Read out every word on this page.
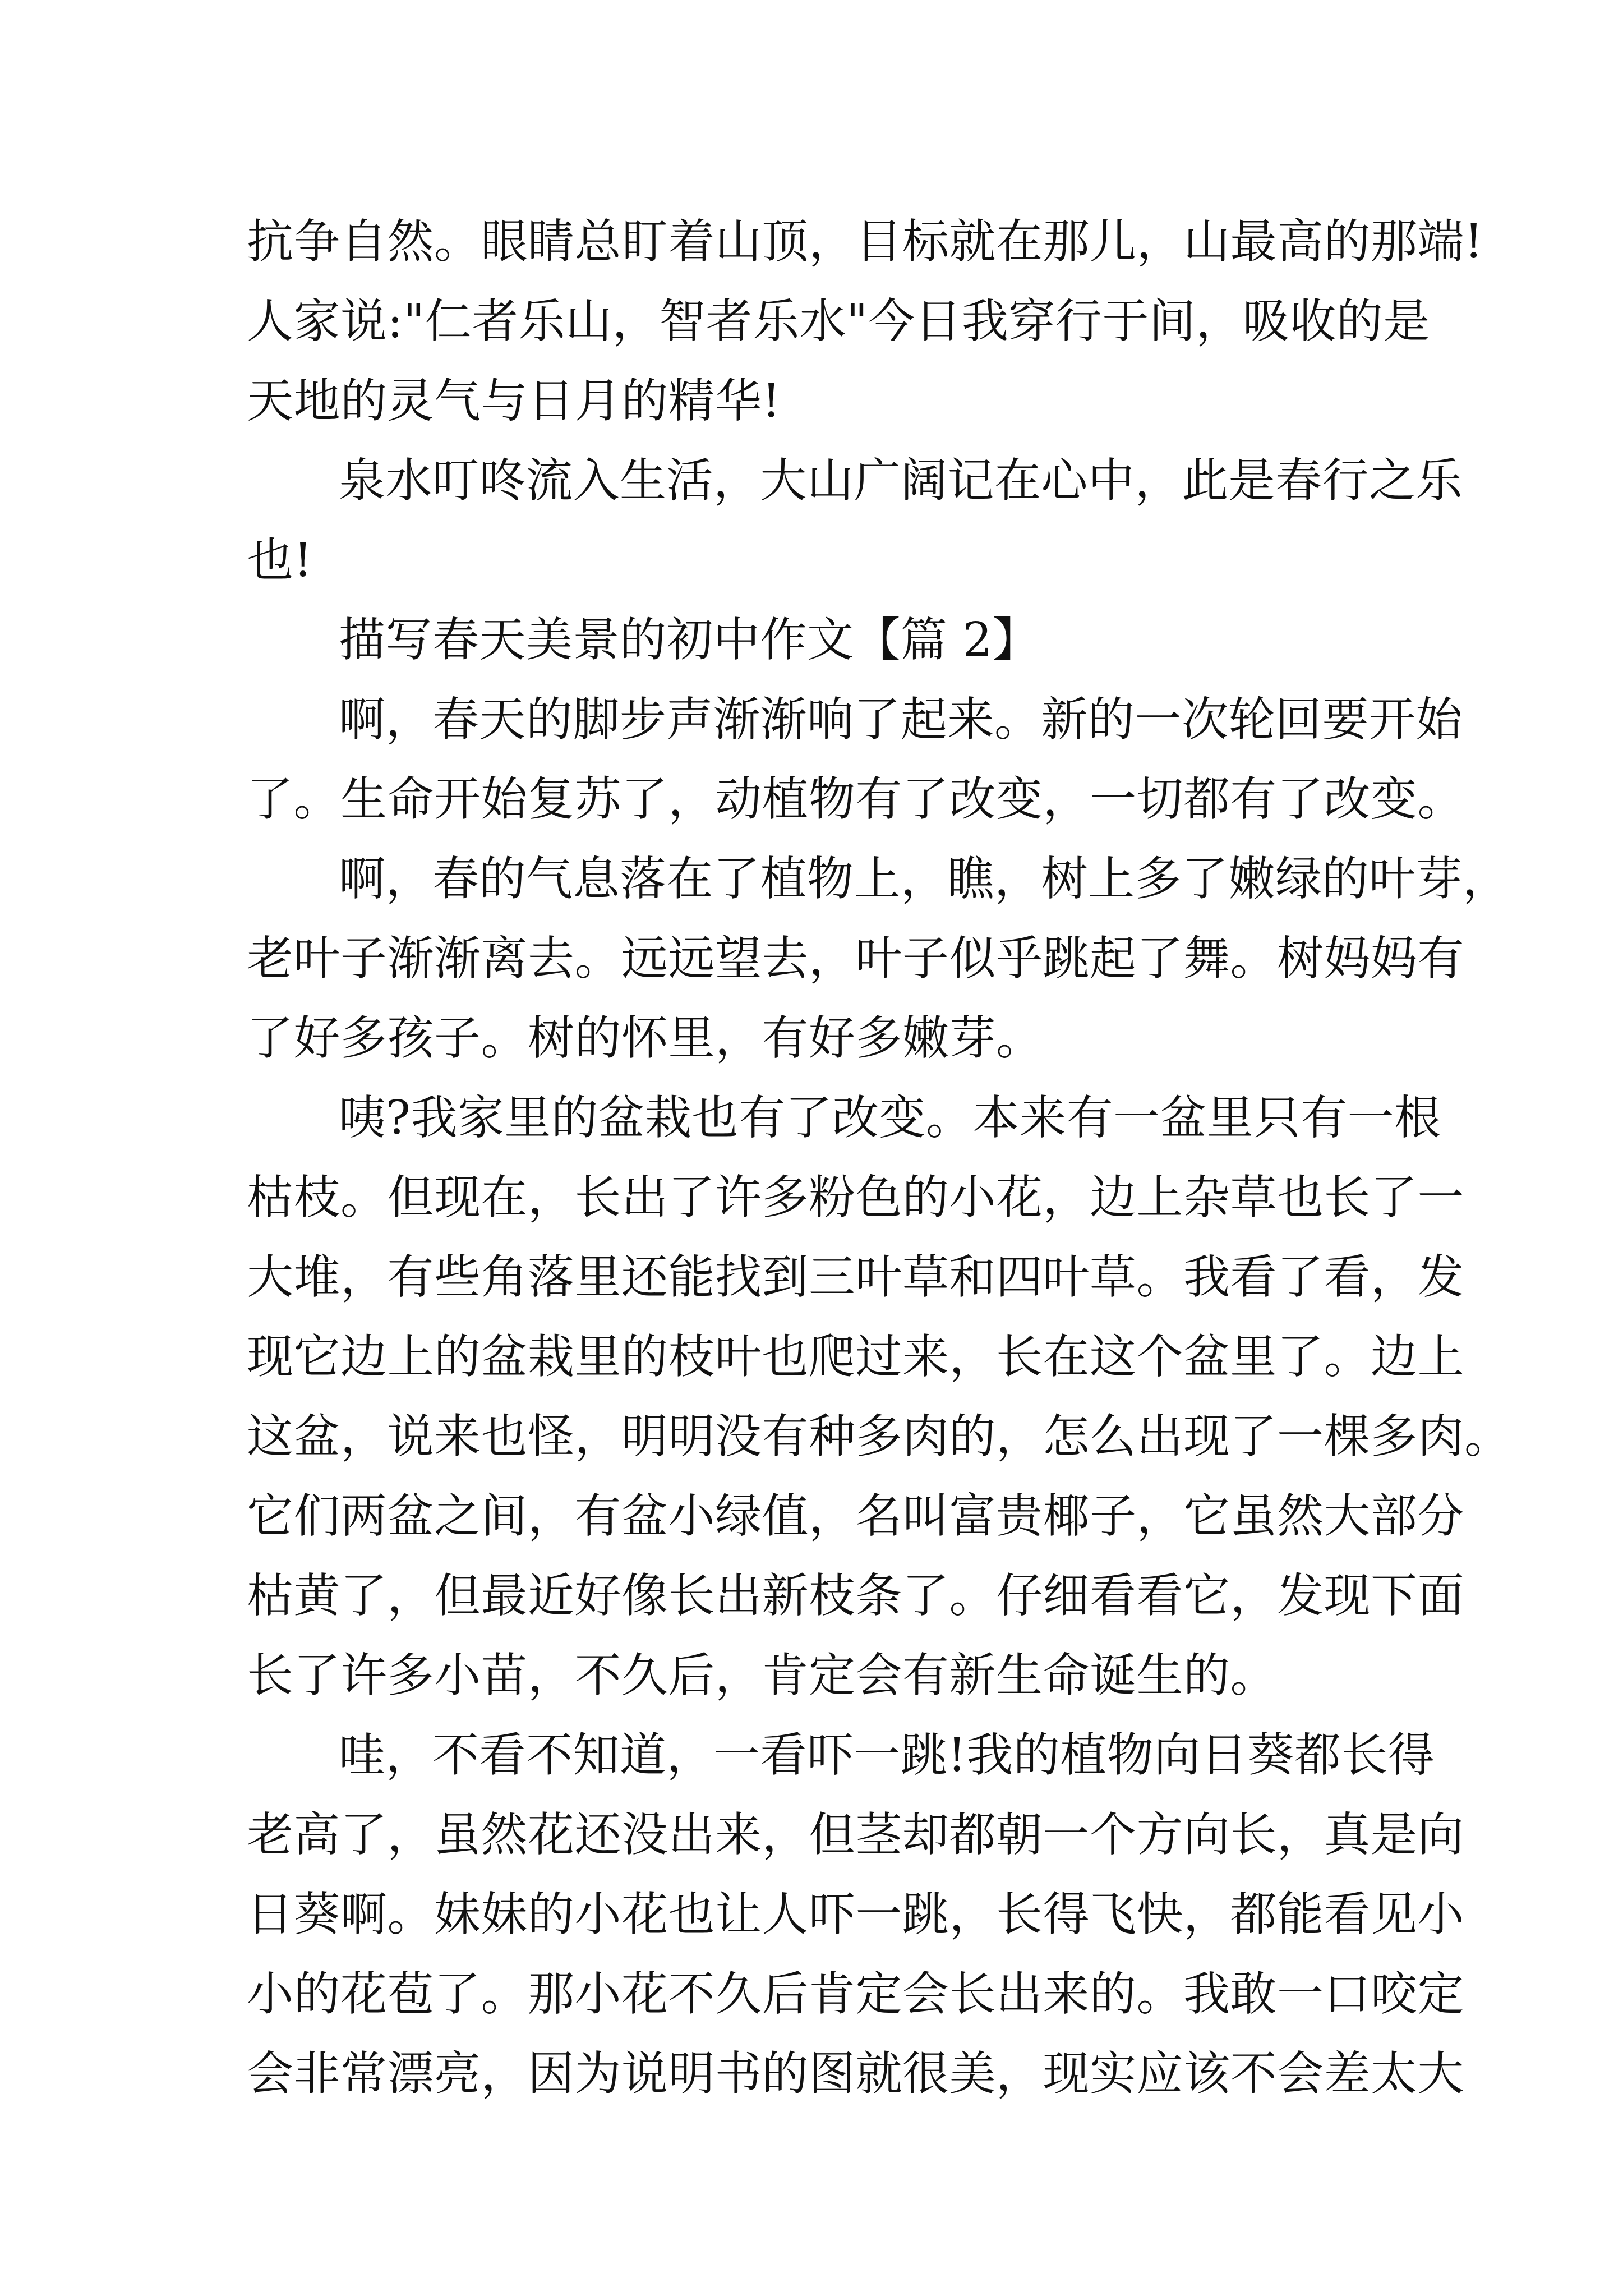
抗争自然。眼睛总盯着山顶，目标就在那儿，山最高的那端!
人家说:"仁者乐山，智者乐水"今日我穿行于间，吸收的是
天地的灵气与日月的精华!
泉水叮咚流入生活，大山广阔记在心中，此是春行之乐
也!
描写春天美景的初中作文【篇 2】
啊，春天的脚步声渐渐响了起来。新的一次轮回要开始
了。生命开始复苏了，动植物有了改变，一切都有了改变。
啊，春的气息落在了植物上，瞧，树上多了嫩绿的叶芽，
老叶子渐渐离去。远远望去，叶子似乎跳起了舞。树妈妈有
了好多孩子。树的怀里，有好多嫩芽。
咦?我家里的盆栽也有了改变。本来有一盆里只有一根
枯枝。但现在，长出了许多粉色的小花，边上杂草也长了一
大堆，有些角落里还能找到三叶草和四叶草。我看了看，发
现它边上的盆栽里的枝叶也爬过来，长在这个盆里了。边上
这盆，说来也怪，明明没有种多肉的，怎么出现了一棵多肉。
它们两盆之间，有盆小绿值，名叫富贵椰子，它虽然大部分
枯黄了，但最近好像长出新枝条了。仔细看看它，发现下面
长了许多小苗，不久后，肯定会有新生命诞生的。
哇，不看不知道，一看吓一跳!我的植物向日葵都长得
老高了，虽然花还没出来，但茎却都朝一个方向长，真是向
日葵啊。妹妹的小花也让人吓一跳，长得飞快，都能看见小
小的花苞了。那小花不久后肯定会长出来的。我敢一口咬定
会非常漂亮，因为说明书的图就很美，现实应该不会差太大
